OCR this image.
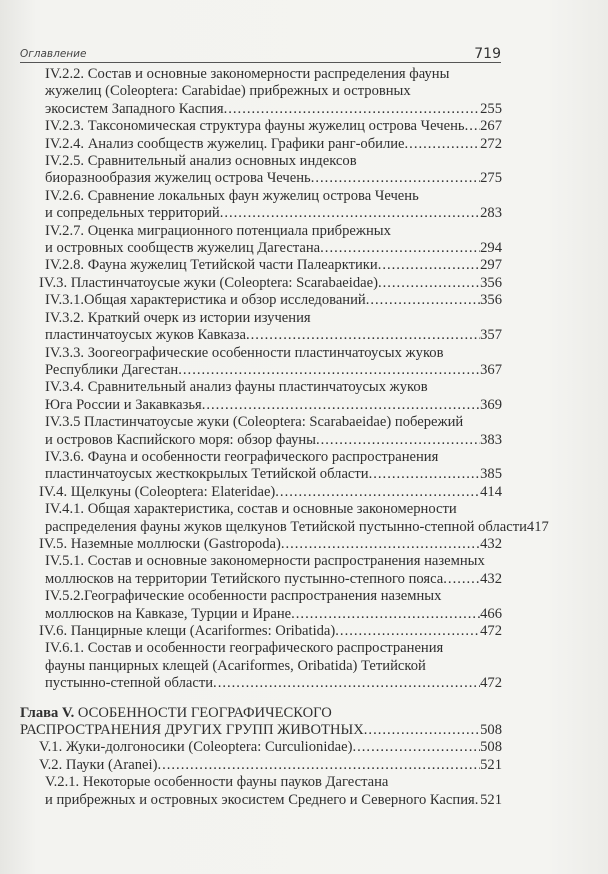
Оглавление	719
IV.2.2. Состав и основные закономерности распределения фауны
жужелиц (Coleoptera: Carabidae) прибрежных и островных
экосистем Западного Каспия .....	255
IV.2.3. Таксономическая структура фауны жужелиц острова Чечень ..... 267
IV.2.4. Анализ сообществ жужелиц. Графики ранг-обилие .....	272
IV.2.5. Сравнительный анализ основных индексов
биоразнообразия жужелиц острова Чечень .....	275
IV.2.6. Сравнение локальных фаун жужелиц острова Чечень
и сопредельных территорий .....	283
IV.2.7. Оценка миграционного потенциала прибрежных
и островных сообществ жужелиц Дагестана .....	294
IV.2.8. Фауна жужелиц Тетийской части Палеарктики .....	297
IV.3. Пластинчатоусые жуки (Coleoptera: Scarabaeidae) .....	356
IV.3.1.Общая характеристика и обзор исследований .....	356
IV.3.2. Краткий очерк из истории изучения
пластинчатоусых жуков Кавказа .....	357
IV.3.3. Зоогеографические особенности пластинчатоусых жуков
Республики Дагестан .....	367
IV.3.4. Сравнительный анализ фауны пластинчатоусых жуков
Юга России и Закавказья .....	369
IV.3.5 Пластинчатоусые жуки (Coleoptera: Scarabaeidae) побережий
и островов Каспийского моря: обзор фауны .....	383
IV.3.6. Фауна и особенности географического распространения
пластинчатоусых жесткокрылых Тетийской области .....	385
IV.4. Щелкуны (Coleoptera: Elateridae) .....	414
IV.4.1. Общая характеристика, состав и основные закономерности
распределения фауны жуков щелкунов Тетийской пустынно-степной области 417
IV.5. Наземные моллюски (Gastropoda) .....	432
IV.5.1. Состав и основные закономерности распространения наземных
моллюсков на территории Тетийского пустынно-степного пояса .....	432
IV.5.2.Географические особенности распространения наземных
моллюсков на Кавказе, Турции и Иране .....	466
IV.6. Панцирные клещи (Acariformes: Oribatida) .....	472
IV.6.1. Состав и особенности географического распространения
фауны панцирных клещей (Acariformes, Oribatida) Тетийской
пустынно-степной области .....	472
Глава V. ОСОБЕННОСТИ ГЕОГРАФИЧЕСКОГО
РАСПРОСТРАНЕНИЯ ДРУГИХ ГРУПП ЖИВОТНЫХ .....	508
V.1. Жуки-долгоносики (Coleoptera: Curculionidae) .....	508
V.2. Пауки (Aranei) .....	521
V.2.1. Некоторые особенности фауны пауков Дагестана
и прибрежных и островных экосистем Среднего и Северного Каспия ..... 521
